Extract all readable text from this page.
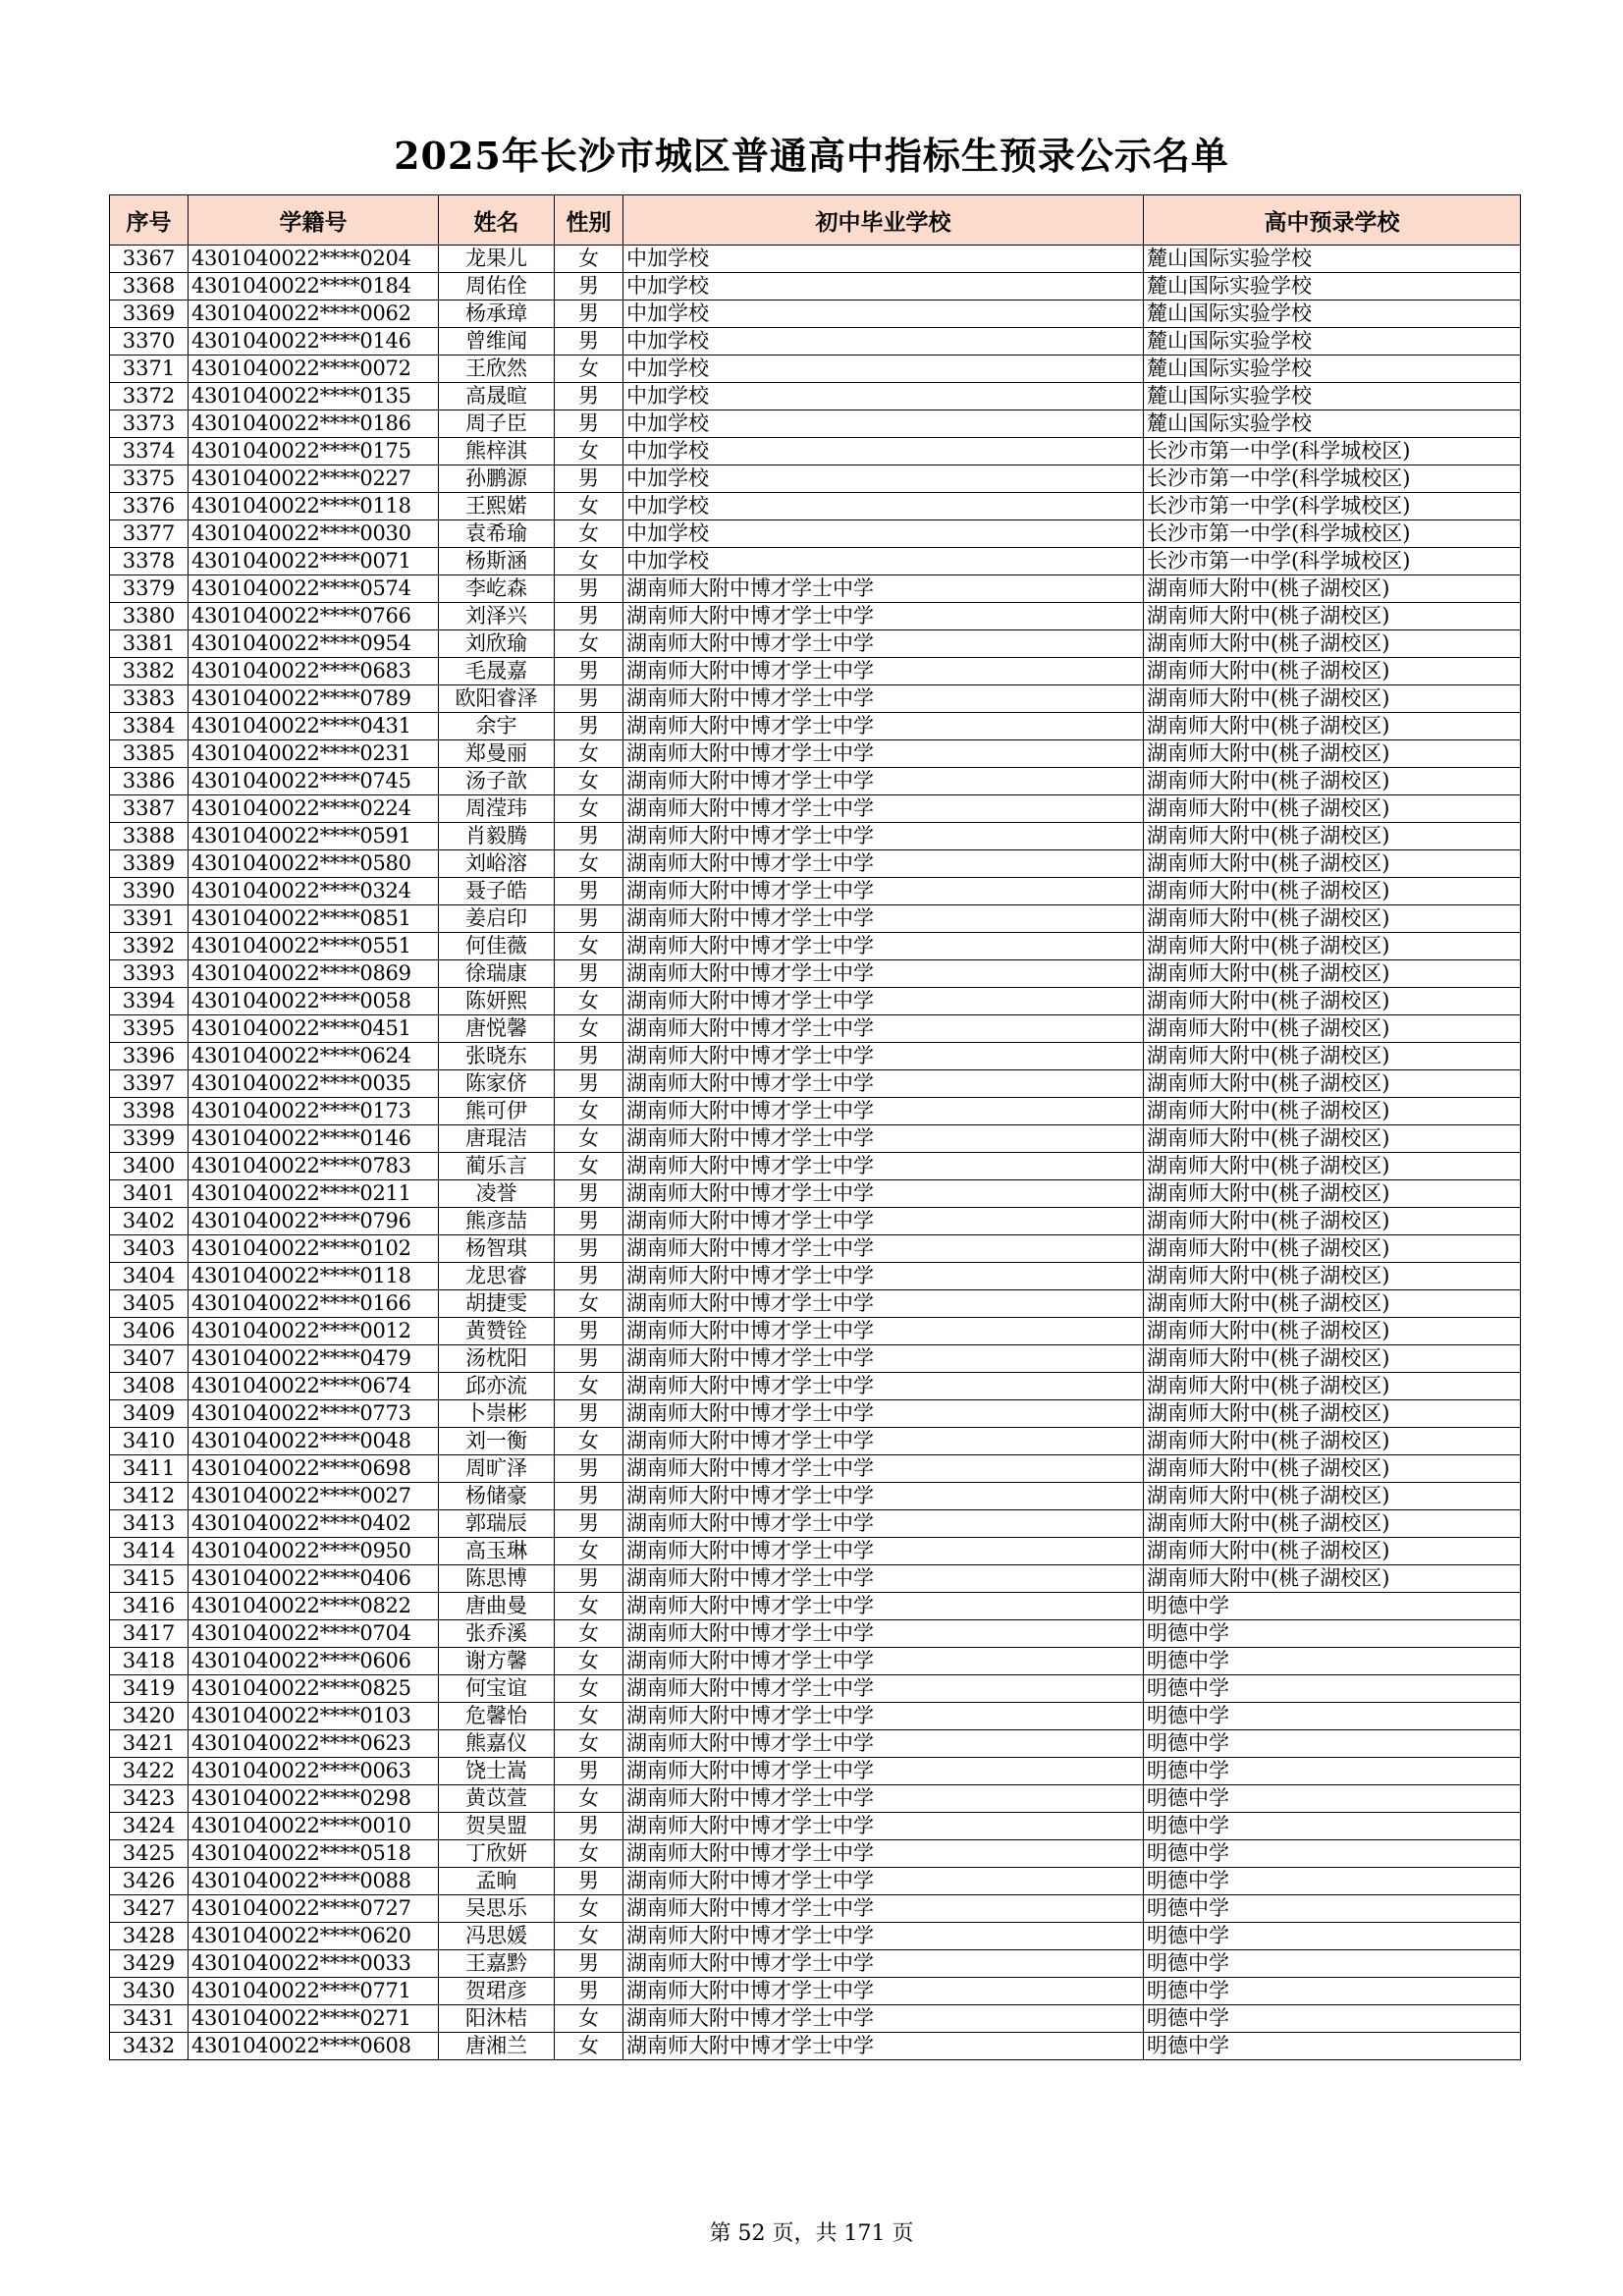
2025年长沙市城区普通高中指标生预录公示名单
序号	学籍号	姓名	性别	初中毕业学校	高中预录学校
3367	4301040022****0204	龙果儿	女	中加学校	麓山国际实验学校
3368	4301040022****0184	周佑佺	男	中加学校	麓山国际实验学校
3369	4301040022****0062	杨承璋	男	中加学校	麓山国际实验学校
3370	4301040022****0146	曾维闻	男	中加学校	麓山国际实验学校
3371	4301040022****0072	王欣然	女	中加学校	麓山国际实验学校
3372	4301040022****0135	高晟暄	男	中加学校	麓山国际实验学校
3373	4301040022****0186	周子臣	男	中加学校	麓山国际实验学校
3374	4301040022****0175	熊梓淇	女	中加学校	长沙市第一中学(科学城校区)
3375	4301040022****0227	孙鹏源	男	中加学校	长沙市第一中学(科学城校区)
3376	4301040022****0118	王熙婼	女	中加学校	长沙市第一中学(科学城校区)
3377	4301040022****0030	袁希瑜	女	中加学校	长沙市第一中学(科学城校区)
3378	4301040022****0071	杨斯涵	女	中加学校	长沙市第一中学(科学城校区)
3379	4301040022****0574	李屹森	男	湖南师大附中博才学士中学	湖南师大附中(桃子湖校区)
3380	4301040022****0766	刘泽兴	男	湖南师大附中博才学士中学	湖南师大附中(桃子湖校区)
3381	4301040022****0954	刘欣瑜	女	湖南师大附中博才学士中学	湖南师大附中(桃子湖校区)
3382	4301040022****0683	毛晟嘉	男	湖南师大附中博才学士中学	湖南师大附中(桃子湖校区)
3383	4301040022****0789	欧阳睿泽	男	湖南师大附中博才学士中学	湖南师大附中(桃子湖校区)
3384	4301040022****0431	余宇	男	湖南师大附中博才学士中学	湖南师大附中(桃子湖校区)
3385	4301040022****0231	郑曼丽	女	湖南师大附中博才学士中学	湖南师大附中(桃子湖校区)
3386	4301040022****0745	汤子歆	女	湖南师大附中博才学士中学	湖南师大附中(桃子湖校区)
3387	4301040022****0224	周滢玮	女	湖南师大附中博才学士中学	湖南师大附中(桃子湖校区)
3388	4301040022****0591	肖毅腾	男	湖南师大附中博才学士中学	湖南师大附中(桃子湖校区)
3389	4301040022****0580	刘峪溶	女	湖南师大附中博才学士中学	湖南师大附中(桃子湖校区)
3390	4301040022****0324	聂子皓	男	湖南师大附中博才学士中学	湖南师大附中(桃子湖校区)
3391	4301040022****0851	姜启印	男	湖南师大附中博才学士中学	湖南师大附中(桃子湖校区)
3392	4301040022****0551	何佳薇	女	湖南师大附中博才学士中学	湖南师大附中(桃子湖校区)
3393	4301040022****0869	徐瑞康	男	湖南师大附中博才学士中学	湖南师大附中(桃子湖校区)
3394	4301040022****0058	陈妍熙	女	湖南师大附中博才学士中学	湖南师大附中(桃子湖校区)
3395	4301040022****0451	唐悦馨	女	湖南师大附中博才学士中学	湖南师大附中(桃子湖校区)
3396	4301040022****0624	张晓东	男	湖南师大附中博才学士中学	湖南师大附中(桃子湖校区)
3397	4301040022****0035	陈家侪	男	湖南师大附中博才学士中学	湖南师大附中(桃子湖校区)
3398	4301040022****0173	熊可伊	女	湖南师大附中博才学士中学	湖南师大附中(桃子湖校区)
3399	4301040022****0146	唐琨洁	女	湖南师大附中博才学士中学	湖南师大附中(桃子湖校区)
3400	4301040022****0783	蔺乐言	女	湖南师大附中博才学士中学	湖南师大附中(桃子湖校区)
3401	4301040022****0211	凌誉	男	湖南师大附中博才学士中学	湖南师大附中(桃子湖校区)
3402	4301040022****0796	熊彦喆	男	湖南师大附中博才学士中学	湖南师大附中(桃子湖校区)
3403	4301040022****0102	杨智琪	男	湖南师大附中博才学士中学	湖南师大附中(桃子湖校区)
3404	4301040022****0118	龙思睿	男	湖南师大附中博才学士中学	湖南师大附中(桃子湖校区)
3405	4301040022****0166	胡捷雯	女	湖南师大附中博才学士中学	湖南师大附中(桃子湖校区)
3406	4301040022****0012	黄赞铨	男	湖南师大附中博才学士中学	湖南师大附中(桃子湖校区)
3407	4301040022****0479	汤枕阳	男	湖南师大附中博才学士中学	湖南师大附中(桃子湖校区)
3408	4301040022****0674	邱亦流	女	湖南师大附中博才学士中学	湖南师大附中(桃子湖校区)
3409	4301040022****0773	卜崇彬	男	湖南师大附中博才学士中学	湖南师大附中(桃子湖校区)
3410	4301040022****0048	刘一衡	女	湖南师大附中博才学士中学	湖南师大附中(桃子湖校区)
3411	4301040022****0698	周旷泽	男	湖南师大附中博才学士中学	湖南师大附中(桃子湖校区)
3412	4301040022****0027	杨储豪	男	湖南师大附中博才学士中学	湖南师大附中(桃子湖校区)
3413	4301040022****0402	郭瑞辰	男	湖南师大附中博才学士中学	湖南师大附中(桃子湖校区)
3414	4301040022****0950	高玉琳	女	湖南师大附中博才学士中学	湖南师大附中(桃子湖校区)
3415	4301040022****0406	陈思博	男	湖南师大附中博才学士中学	湖南师大附中(桃子湖校区)
3416	4301040022****0822	唐曲曼	女	湖南师大附中博才学士中学	明德中学
3417	4301040022****0704	张乔溪	女	湖南师大附中博才学士中学	明德中学
3418	4301040022****0606	谢方馨	女	湖南师大附中博才学士中学	明德中学
3419	4301040022****0825	何宝谊	女	湖南师大附中博才学士中学	明德中学
3420	4301040022****0103	危馨怡	女	湖南师大附中博才学士中学	明德中学
3421	4301040022****0623	熊嘉仪	女	湖南师大附中博才学士中学	明德中学
3422	4301040022****0063	饶士嵩	男	湖南师大附中博才学士中学	明德中学
3423	4301040022****0298	黄苡萱	女	湖南师大附中博才学士中学	明德中学
3424	4301040022****0010	贺昊盟	男	湖南师大附中博才学士中学	明德中学
3425	4301040022****0518	丁欣妍	女	湖南师大附中博才学士中学	明德中学
3426	4301040022****0088	孟晌	男	湖南师大附中博才学士中学	明德中学
3427	4301040022****0727	吴思乐	女	湖南师大附中博才学士中学	明德中学
3428	4301040022****0620	冯思媛	女	湖南师大附中博才学士中学	明德中学
3429	4301040022****0033	王嘉黔	男	湖南师大附中博才学士中学	明德中学
3430	4301040022****0771	贺珺彦	男	湖南师大附中博才学士中学	明德中学
3431	4301040022****0271	阳沐桔	女	湖南师大附中博才学士中学	明德中学
3432	4301040022****0608	唐湘兰	女	湖南师大附中博才学士中学	明德中学
第 52 页，共 171 页
